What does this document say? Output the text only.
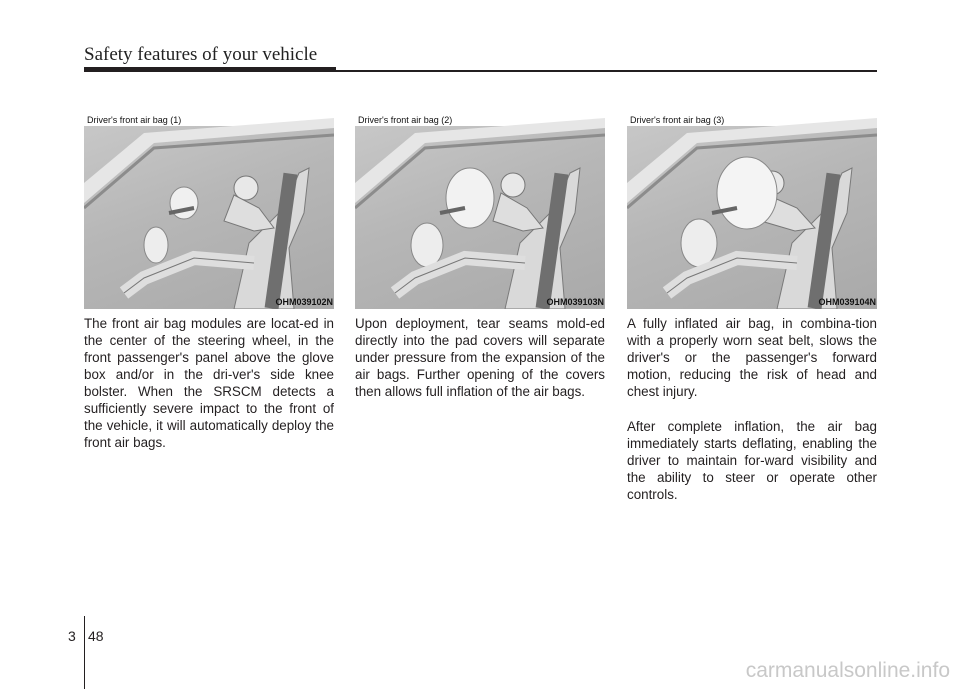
Safety features of your vehicle
Driver's front air bag (1)
OHM039102N

The front air bag modules are locat-ed in the center of the steering wheel, in the front passenger's panel above the glove box and/or in the dri-ver's side knee bolster. When the SRSCM detects a sufficiently severe impact to the front of the vehicle, it will automatically deploy the front air bags.

Driver's front air bag (2)
OHM039103N

Upon deployment, tear seams mold-ed directly into the pad covers will separate under pressure from the expansion of the air bags. Further opening of the covers then allows full inflation of the air bags.

Driver's front air bag (3)
OHM039104N

A fully inflated air bag, in combina-tion with a properly worn seat belt, slows the driver's or the passenger's forward motion, reducing the risk of head and chest injury.

After complete inflation, the air bag immediately starts deflating, enabling the driver to maintain for-ward visibility and the ability to steer or operate other controls.

3 48
carmanualsonline.info
